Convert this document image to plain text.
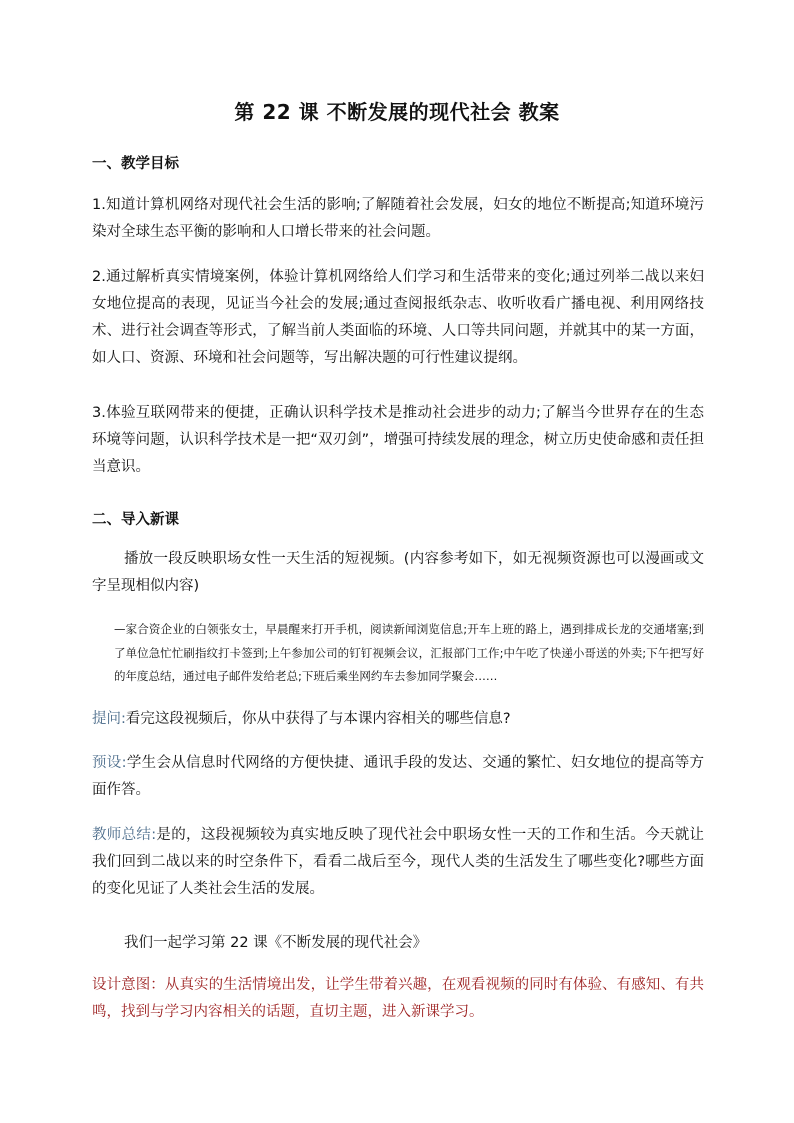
第 22 课 不断发展的现代社会 教案
一、教学目标

1.知道计算机网络对现代社会生活的影响;了解随着社会发展，妇女的地位不断提高;知道环境污染对全球生态平衡的影响和人口增长带来的社会问题。

2.通过解析真实情境案例，体验计算机网络给人们学习和生活带来的变化;通过列举二战以来妇女地位提高的表现，见证当今社会的发展;通过查阅报纸杂志、收听收看广播电视、利用网络技术、进行社会调查等形式，了解当前人类面临的环境、人口等共同问题，并就其中的某一方面，如人口、资源、环境和社会问题等，写出解决题的可行性建议提纲。

3.体验互联网带来的便捷，正确认识科学技术是推动社会进步的动力;了解当今世界存在的生态环境等问题，认识科学技术是一把“双刃剑”，增强可持续发展的理念，树立历史使命感和责任担当意识。

二、导入新课

播放一段反映职场女性一天生活的短视频。(内容参考如下，如无视频资源也可以漫画或文字呈现相似内容)

—家合资企业的白领张女士，早晨醒来打开手机，阅读新闻浏览信息;开车上班的路上，遇到排成长龙的交通堵塞;到了单位急忙忙刷指纹打卡签到;上午参加公司的钉钉视频会议，汇报部门工作;中午吃了快递小哥送的外卖;下午把写好的年度总结，通过电子邮件发给老总;下班后乘坐网约车去参加同学聚会……

提问:看完这段视频后，你从中获得了与本课内容相关的哪些信息?

预设:学生会从信息时代网络的方便快捷、通讯手段的发达、交通的繁忙、妇女地位的提高等方面作答。

教师总结:是的，这段视频较为真实地反映了现代社会中职场女性一天的工作和生活。今天就让我们回到二战以来的时空条件下，看看二战后至今，现代人类的生活发生了哪些变化?哪些方面的变化见证了人类社会生活的发展。

我们一起学习第 22 课《不断发展的现代社会》

设计意图：从真实的生活情境出发，让学生带着兴趣，在观看视频的同时有体验、有感知、有共鸣，找到与学习内容相关的话题，直切主题，进入新课学习。
